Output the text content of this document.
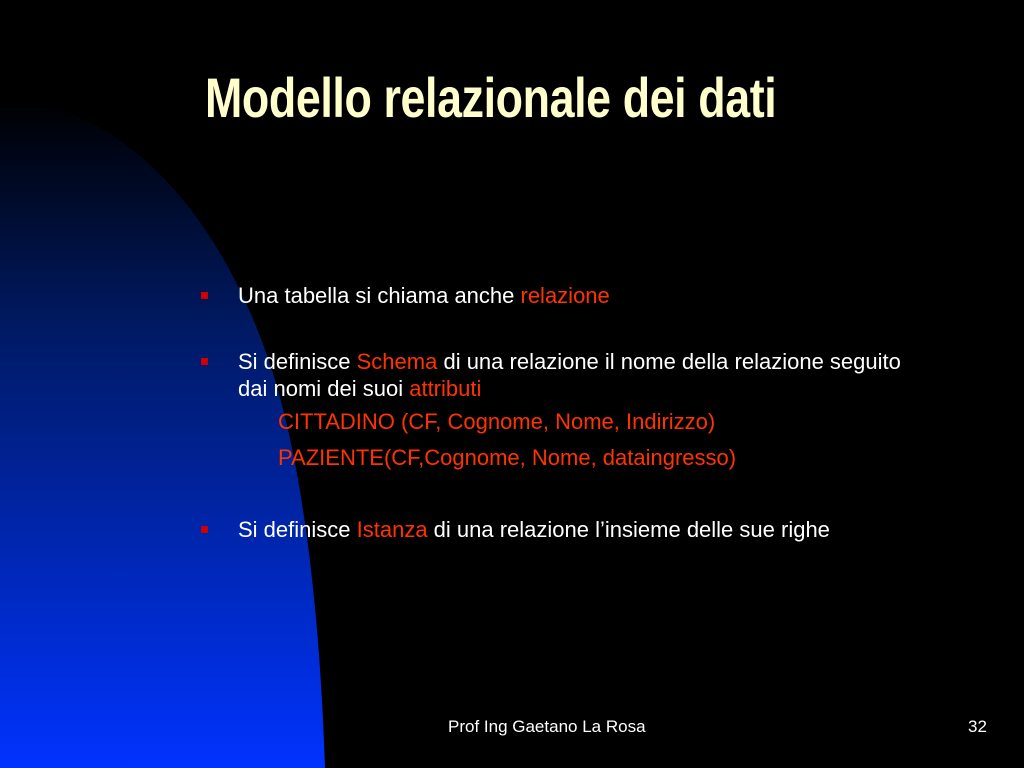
Modello relazionale dei dati
Una tabella si chiama anche relazione
Si definisce Schema di una relazione il nome della relazione seguito dai nomi dei suoi attributi
CITTADINO (CF, Cognome, Nome, Indirizzo)
PAZIENTE(CF,Cognome, Nome, dataingresso)
Si definisce Istanza di una relazione l’insieme delle sue righe
Prof Ing Gaetano La Rosa	32
